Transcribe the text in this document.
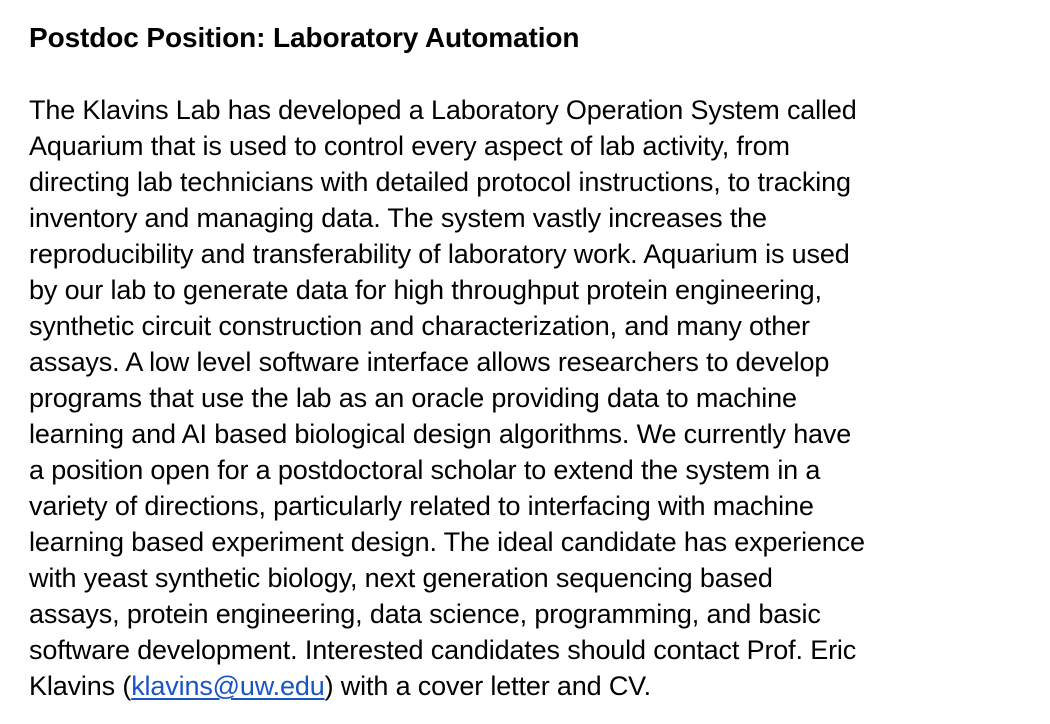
Postdoc Position: Laboratory Automation

The Klavins Lab has developed a Laboratory Operation System called
Aquarium that is used to control every aspect of lab activity, from
directing lab technicians with detailed protocol instructions, to tracking
inventory and managing data. The system vastly increases the
reproducibility and transferability of laboratory work. Aquarium is used
by our lab to generate data for high throughput protein engineering,
synthetic circuit construction and characterization, and many other
assays. A low level software interface allows researchers to develop
programs that use the lab as an oracle providing data to machine
learning and AI based biological design algorithms. We currently have
a position open for a postdoctoral scholar to extend the system in a
variety of directions, particularly related to interfacing with machine
learning based experiment design. The ideal candidate has experience
with yeast synthetic biology, next generation sequencing based
assays, protein engineering, data science, programming, and basic
software development. Interested candidates should contact Prof. Eric
Klavins (klavins@uw.edu) with a cover letter and CV.
